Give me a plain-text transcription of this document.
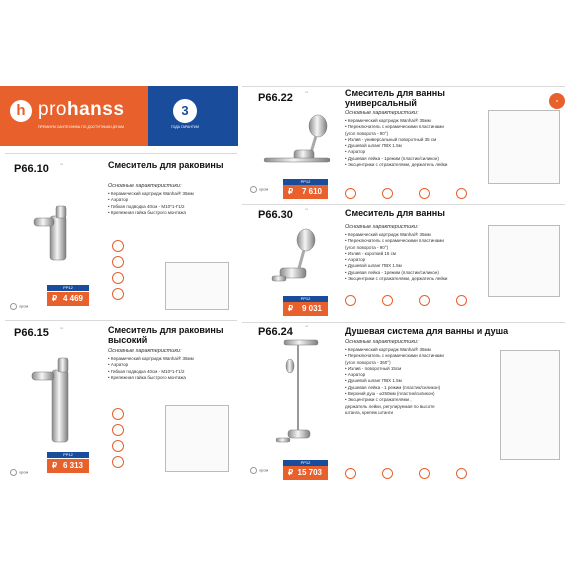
h prohanss
ПРЕМИУМ САНТЕХНИКА ПО ДОСТУПНЫМ ЦЕНАМ
3
ГОДА ГАРАНТИИ
★
P66.10	▭	Смеситель для раковины
Основные характеристики:
• Керамический картридж Wanhai® 35мм
• Аэратор
• Гибкая подводка 40см - М10*1-Г1/2
• Крепежная гайка быстрого монтажа
PP12
₽ 4 469
хром
P66.15	▭	Смеситель для раковины высокий
Основные характеристики:
• Керамический картридж Wanhai® 35мм
• Аэратор
• Гибкая подводка 40см - М10*1-Г1/2
• Крепежная гайка быстрого монтажа
PP12
₽ 6 313
хром
P66.22	▭	Смеситель для ванны универсальный
Основные характеристики:
• Керамический картридж Wanhai® 35мм
• Переключатель с керамическими пластинами
(угол поворота - 90°)
• Излив - универсальный поворотный 35 см
• Душевой шланг ПВХ 1.5м
• Аэратор
• Душевая лейка - 1режим (пластик/силикон)
• Эксцентрики с отражателями, держатель лейки
PP12
₽ 7 610
хром
P66.30	▭	Смеситель для ванны
Основные характеристики:
• Керамический картридж Wanhai® 35мм
• Переключатель с керамическими пластинами
(угол поворота - 90°)
• Излив - короткий 15 см
• Аэратор
• Душевой шланг ПВХ 1.5м
• Душевая лейка - 1режим (пластик/силикон)
• Эксцентрики с отражателями, держатель лейки
PP12
₽ 9 031
P66.24	▭	Душевая система для ванны и душа
Основные характеристики:
• Керамический картридж Wanhai® 35мм
• Переключатель с керамическими пластинами
(угол поворота - 360°)
• Излив - поворотный 15см
• Аэратор
• Душевой шланг ПВХ 1.5м
• Душевая лейка - 1 режим (пластик/силикон)
• Верхний душ - ⌀250мм (пластик/силикон)
• Эксцентрики с отражателями ,
держатель лейки, регулируемая по высоте
штанга, крепеж штанги
PP12
₽ 15 703
хром
